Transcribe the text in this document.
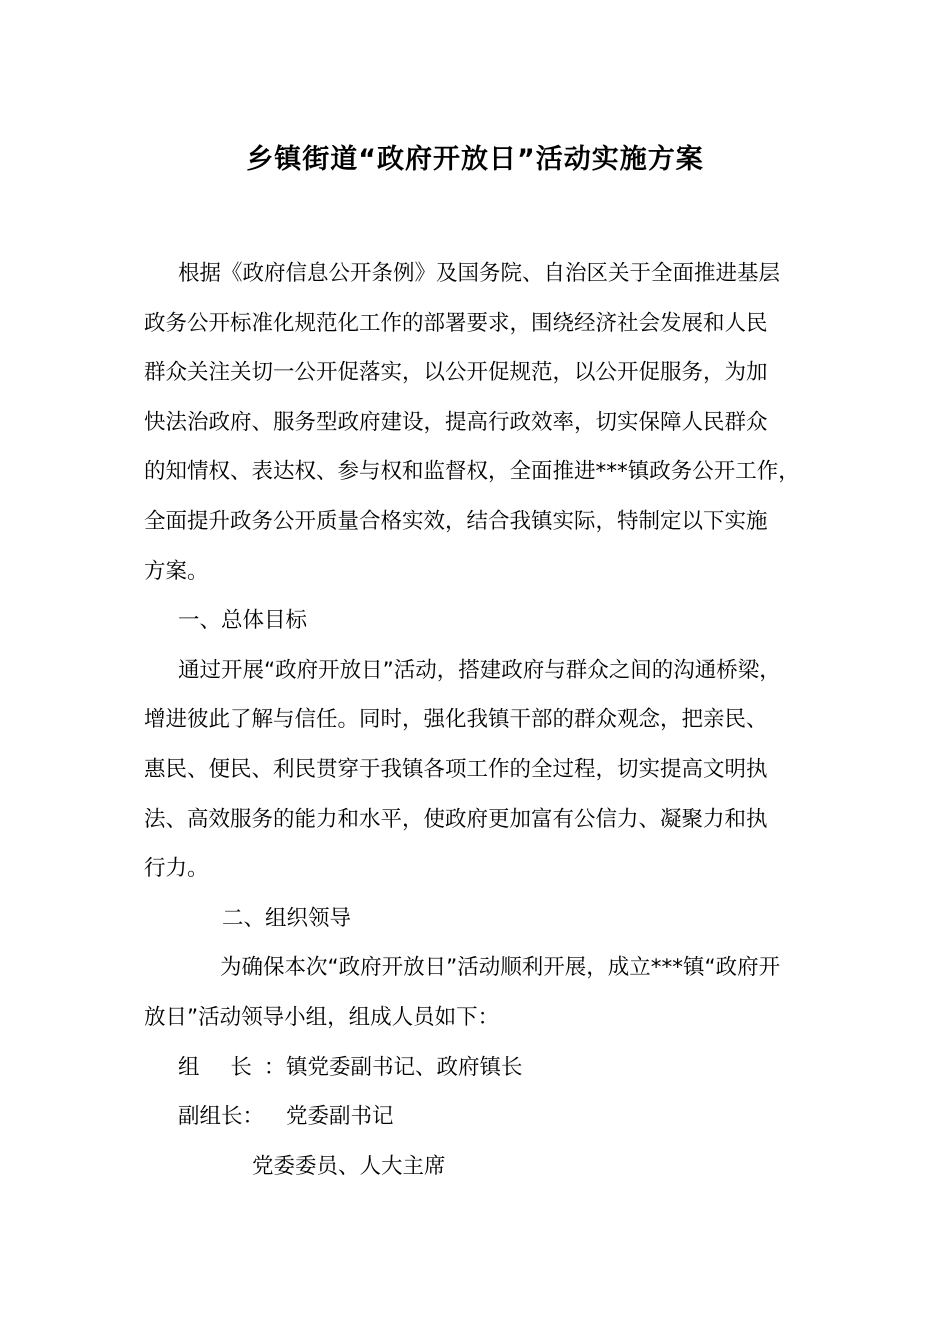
乡镇街道“政府开放日”活动实施方案

根据《政府信息公开条例》及国务院、自治区关于全面推进基层

政务公开标准化规范化工作的部署要求，围绕经济社会发展和人民

群众关注关切一公开促落实，以公开促规范，以公开促服务，为加

快法治政府、服务型政府建设，提高行政效率，切实保障人民群众

的知情权、表达权、参与权和监督权，全面推进***镇政务公开工作，

全面提升政务公开质量合格实效，结合我镇实际，特制定以下实施

方案。

一、总体目标

通过开展“政府开放日”活动，搭建政府与群众之间的沟通桥梁，

增进彼此了解与信任。同时，强化我镇干部的群众观念，把亲民、

惠民、便民、利民贯穿于我镇各项工作的全过程，切实提高文明执

法、高效服务的能力和水平，使政府更加富有公信力、凝聚力和执

行力。

二、组织领导

为确保本次“政府开放日”活动顺利开展，成立***镇“政府开

放日”活动领导小组，组成人员如下：

组 长：镇党委副书记、政府镇长

副组长： 党委副书记

党委委员、人大主席
